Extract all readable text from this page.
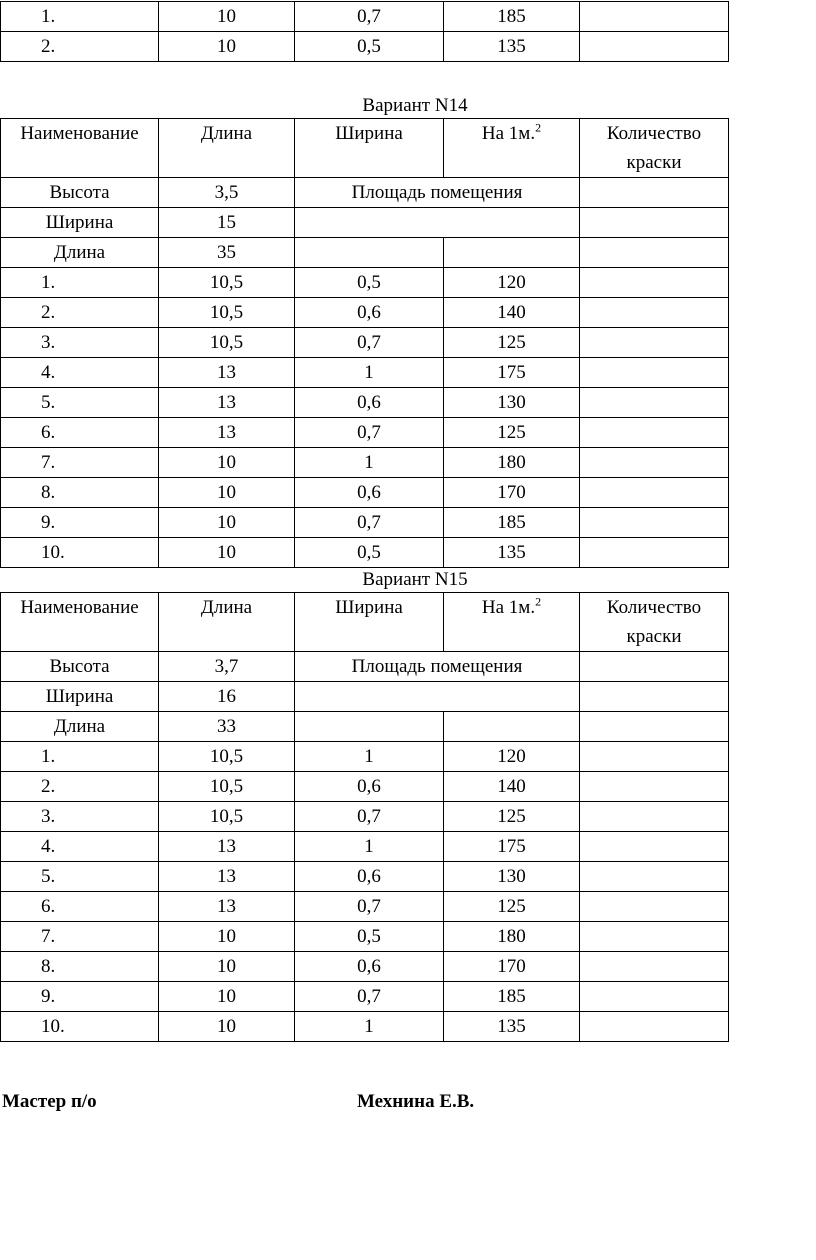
1.	10	0,7	185	
2.	10	0,5	135	
Вариант N14
Наименование	Длина	Ширина	На 1м.$^2$	Количество краски
Высота	3,5	Площадь помещения		
Ширина	15			
Длина	35			
1.	10,5	0,5	120	
2.	10,5	0,6	140	
3.	10,5	0,7	125	
4.	13	1	175	
5.	13	0,6	130	
6.	13	0,7	125	
7.	10	1	180	
8.	10	0,6	170	
9.	10	0,7	185	
10.	10	0,5	135	
Вариант N15
Наименование	Длина	Ширина	На 1м.$^2$	Количество краски
Высота	3,7	Площадь помещения		
Ширина	16			
Длина	33			
1.	10,5	1	120	
2.	10,5	0,6	140	
3.	10,5	0,7	125	
4.	13	1	175	
5.	13	0,6	130	
6.	13	0,7	125	
7.	10	0,5	180	
8.	10	0,6	170	
9.	10	0,7	185	
10.	10	1	135	
Мастер п/о	Мехнина Е.В.
